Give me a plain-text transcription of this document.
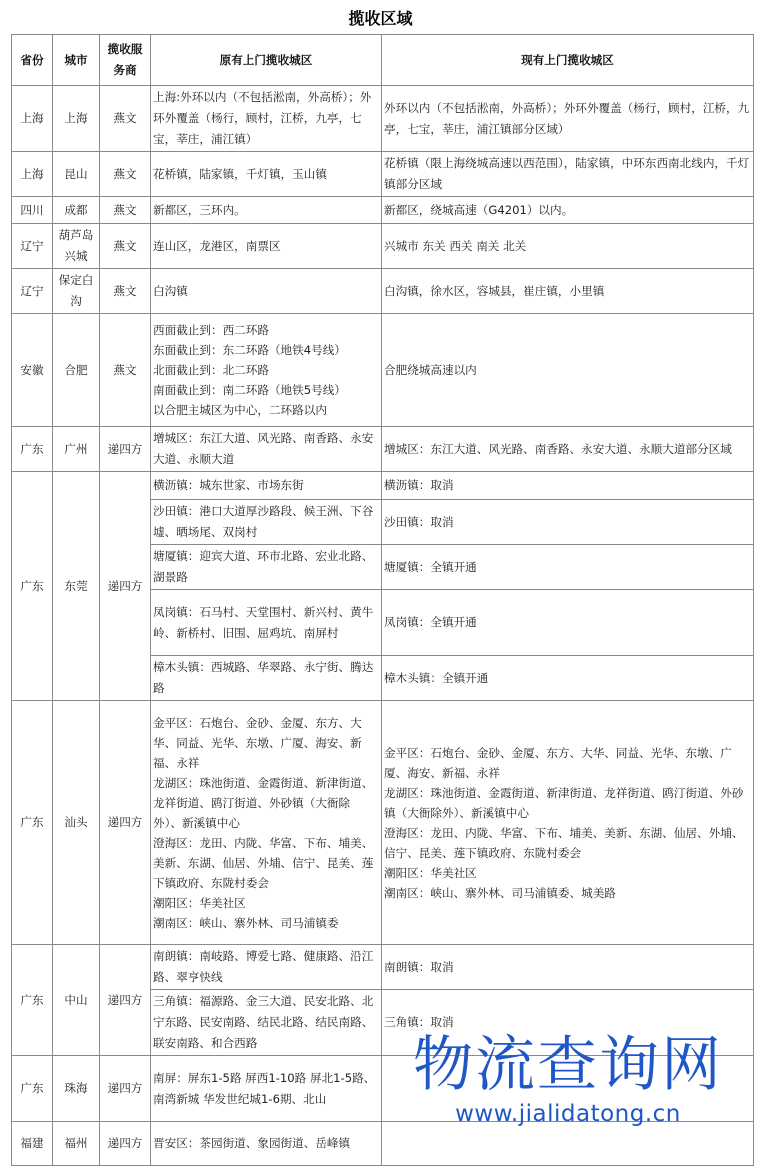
揽收区域
省份	城市	揽收服务商	原有上门揽收城区	现有上门揽收城区
上海	上海	燕文	上海:外环以内（不包括淞南，外高桥）；外环外覆盖（杨行，顾村，江桥，九亭，七宝，莘庄，浦江镇）	外环以内（不包括淞南，外高桥）；外环外覆盖（杨行，顾村，江桥，九亭，七宝，莘庄，浦江镇部分区域）
上海	昆山	燕文	花桥镇，陆家镇，千灯镇，玉山镇	花桥镇（限上海绕城高速以西范围），陆家镇，中环东西南北线内，千灯镇部分区域
四川	成都	燕文	新都区，三环内。	新都区，绕城高速（G4201）以内。
辽宁	葫芦岛兴城	燕文	连山区，龙港区，南票区	兴城市 东关 西关 南关 北关
辽宁	保定白沟	燕文	白沟镇	白沟镇，徐水区，容城县，崔庄镇，小里镇
安徽	合肥	燕文	西面截止到：西二环路
东面截止到：东二环路（地铁4号线）
北面截止到：北二环路
南面截止到：南二环路（地铁5号线）
以合肥主城区为中心，二环路以内	合肥绕城高速以内
广东	广州	递四方	增城区：东江大道、风光路、南香路、永安大道、永顺大道	增城区：东江大道、风光路、南香路、永安大道、永顺大道部分区域
广东	东莞	递四方	横沥镇：城东世家、市场东街	横沥镇：取消
			沙田镇：港口大道厚沙路段、候王洲、下谷墟、晒场尾、双岗村	沙田镇：取消
			塘厦镇：迎宾大道、环市北路、宏业北路、湖景路	塘厦镇：全镇开通
			凤岗镇：石马村、天堂围村、新兴村、黄牛岭、新桥村、旧围、屈鸡坑、南屏村	凤岗镇：全镇开通
			樟木头镇：西城路、华翠路、永宁街、腾达路	樟木头镇：全镇开通
广东	汕头	递四方	金平区：石炮台、金砂、金厦、东方、大华、同益、光华、东墩、广厦、海安、新福、永祥
龙湖区：珠池街道、金霞街道、新津街道、龙祥街道、鸥汀街道、外砂镇（大衙除外）、新溪镇中心
澄海区：龙田、内陇、华富、下布、埔美、美新、东湖、仙居、外埔、信宁、昆美、莲下镇政府、东陇村委会
潮阳区：华美社区
潮南区：峡山、寨外林、司马浦镇委	金平区：石炮台、金砂、金厦、东方、大华、同益、光华、东墩、广厦、海安、新福、永祥
龙湖区：珠池街道、金霞街道、新津街道、龙祥街道、鸥汀街道、外砂镇（大衙除外）、新溪镇中心
澄海区：龙田、内陇、华富、下布、埔美、美新、东湖、仙居、外埔、信宁、昆美、莲下镇政府、东陇村委会
潮阳区：华美社区
潮南区：峡山、寨外林、司马浦镇委、城美路
广东	中山	递四方	南朗镇：南岐路、博爱七路、健康路、沿江路、翠亨快线	南朗镇：取消
			三角镇：福源路、金三大道、民安北路、北宁东路、民安南路、结民北路、结民南路、联安南路、和合西路	三角镇：取消
广东	珠海	递四方	南屏：屏东1-5路 屏西1-10路 屏北1-5路、南湾新城 华发世纪城1-6期、北山	
福建	福州	递四方	晋安区：茶园街道、象园街道、岳峰镇	
物流查询网
www.jialidatong.cn
